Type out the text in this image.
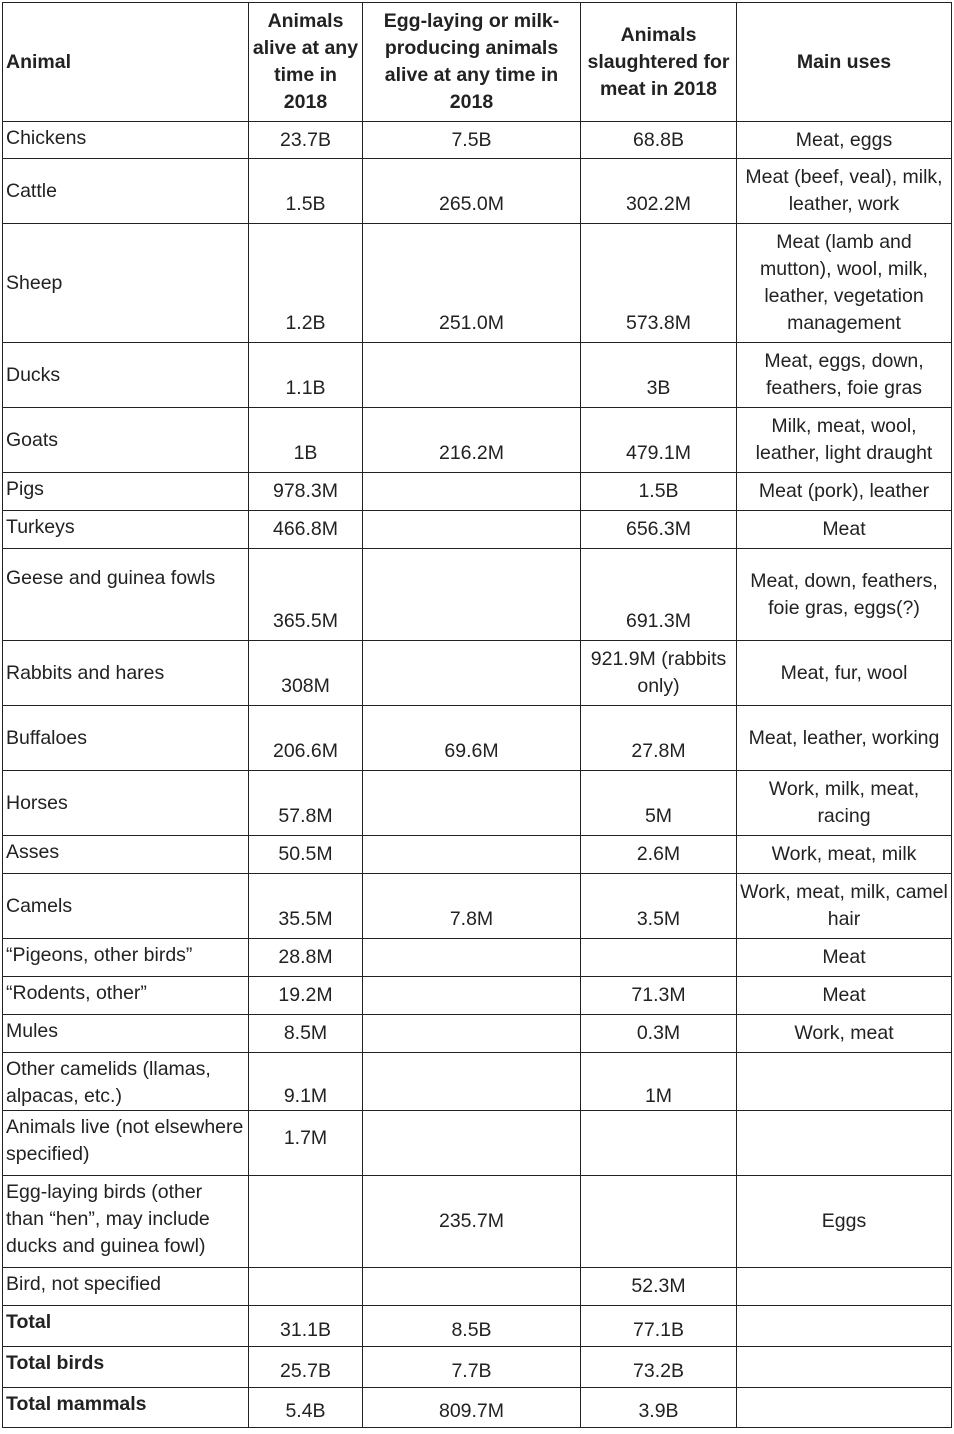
Animal	Animals alive at any time in 2018	Egg-laying or milk-producing animals alive at any time in 2018	Animals slaughtered for meat in 2018	Main uses
Chickens	23.7B	7.5B	68.8B	Meat, eggs
Cattle	1.5B	265.0M	302.2M	Meat (beef, veal), milk, leather, work
Sheep	1.2B	251.0M	573.8M	Meat (lamb and mutton), wool, milk, leather, vegetation management
Ducks	1.1B		3B	Meat, eggs, down, feathers, foie gras
Goats	1B	216.2M	479.1M	Milk, meat, wool, leather, light draught
Pigs	978.3M		1.5B	Meat (pork), leather
Turkeys	466.8M		656.3M	Meat
Geese and guinea fowls	365.5M		691.3M	Meat, down, feathers, foie gras, eggs(?)
Rabbits and hares	308M		921.9M (rabbits only)	Meat, fur, wool
Buffaloes	206.6M	69.6M	27.8M	Meat, leather, working
Horses	57.8M		5M	Work, milk, meat, racing
Asses	50.5M		2.6M	Work, meat, milk
Camels	35.5M	7.8M	3.5M	Work, meat, milk, camel hair
“Pigeons, other birds”	28.8M			Meat
“Rodents, other”	19.2M		71.3M	Meat
Mules	8.5M		0.3M	Work, meat
Other camelids (llamas, alpacas, etc.)	9.1M		1M	
Animals live (not elsewhere specified)	1.7M			
Egg-laying birds (other than “hen”, may include ducks and guinea fowl)		235.7M		Eggs
Bird, not specified			52.3M	
Total	31.1B	8.5B	77.1B	
Total birds	25.7B	7.7B	73.2B	
Total mammals	5.4B	809.7M	3.9B	
